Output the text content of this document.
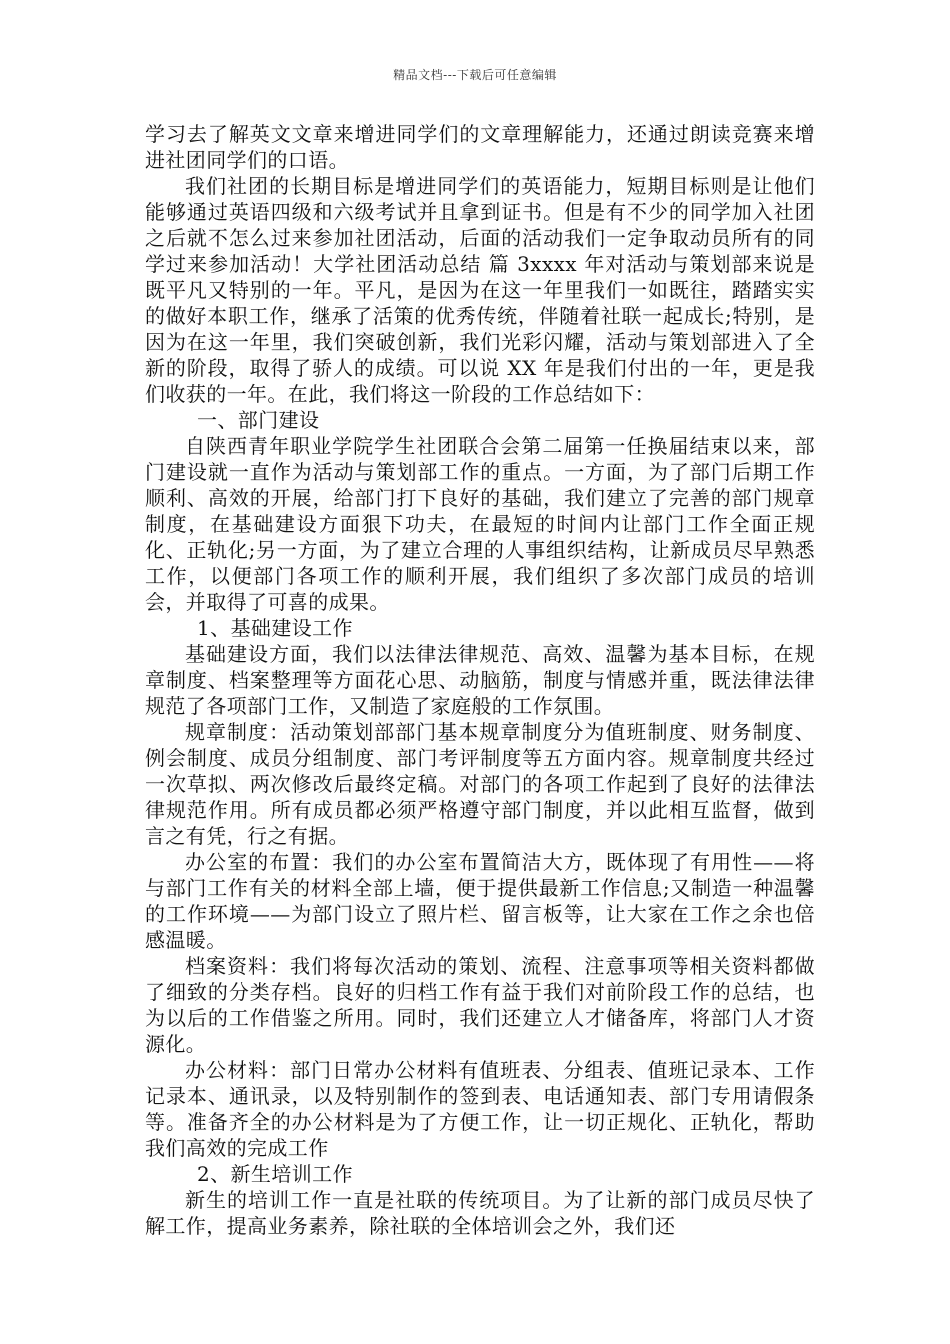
精品文档---下载后可任意编辑

学习去了解英文文章来增进同学们的文章理解能力，还通过朗读竞赛来增进社团同学们的口语。

我们社团的长期目标是增进同学们的英语能力，短期目标则是让他们能够通过英语四级和六级考试并且拿到证书。但是有不少的同学加入社团之后就不怎么过来参加社团活动，后面的活动我们一定争取动员所有的同学过来参加活动！大学社团活动总结 篇 3xxxx 年对活动与策划部来说是既平凡又特别的一年。平凡，是因为在这一年里我们一如既往，踏踏实实的做好本职工作，继承了活策的优秀传统，伴随着社联一起成长;特别，是因为在这一年里，我们突破创新，我们光彩闪耀，活动与策划部进入了全新的阶段，取得了骄人的成绩。可以说 XX 年是我们付出的一年，更是我们收获的一年。在此，我们将这一阶段的工作总结如下：

一、部门建设

自陕西青年职业学院学生社团联合会第二届第一任换届结束以来，部门建设就一直作为活动与策划部工作的重点。一方面，为了部门后期工作顺利、高效的开展，给部门打下良好的基础，我们建立了完善的部门规章制度，在基础建设方面狠下功夫，在最短的时间内让部门工作全面正规化、正轨化;另一方面，为了建立合理的人事组织结构，让新成员尽早熟悉工作，以便部门各项工作的顺利开展，我们组织了多次部门成员的培训会，并取得了可喜的成果。

1、基础建设工作

基础建设方面，我们以法律法律规范、高效、温馨为基本目标，在规章制度、档案整理等方面花心思、动脑筋，制度与情感并重，既法律法律规范了各项部门工作，又制造了家庭般的工作氛围。

规章制度：活动策划部部门基本规章制度分为值班制度、财务制度、例会制度、成员分组制度、部门考评制度等五方面内容。规章制度共经过一次草拟、两次修改后最终定稿。对部门的各项工作起到了良好的法律法律规范作用。所有成员都必须严格遵守部门制度，并以此相互监督，做到言之有凭，行之有据。

办公室的布置：我们的办公室布置简洁大方，既体现了有用性——将与部门工作有关的材料全部上墙，便于提供最新工作信息;又制造一种温馨的工作环境——为部门设立了照片栏、留言板等，让大家在工作之余也倍感温暖。

档案资料：我们将每次活动的策划、流程、注意事项等相关资料都做了细致的分类存档。良好的归档工作有益于我们对前阶段工作的总结，也为以后的工作借鉴之所用。同时，我们还建立人才储备库，将部门人才资源化。

办公材料：部门日常办公材料有值班表、分组表、值班记录本、工作记录本、通讯录，以及特别制作的签到表、电话通知表、部门专用请假条等。准备齐全的办公材料是为了方便工作，让一切正规化、正轨化，帮助我们高效的完成工作

2、新生培训工作

新生的培训工作一直是社联的传统项目。为了让新的部门成员尽快了解工作，提高业务素养，除社联的全体培训会之外，我们还
